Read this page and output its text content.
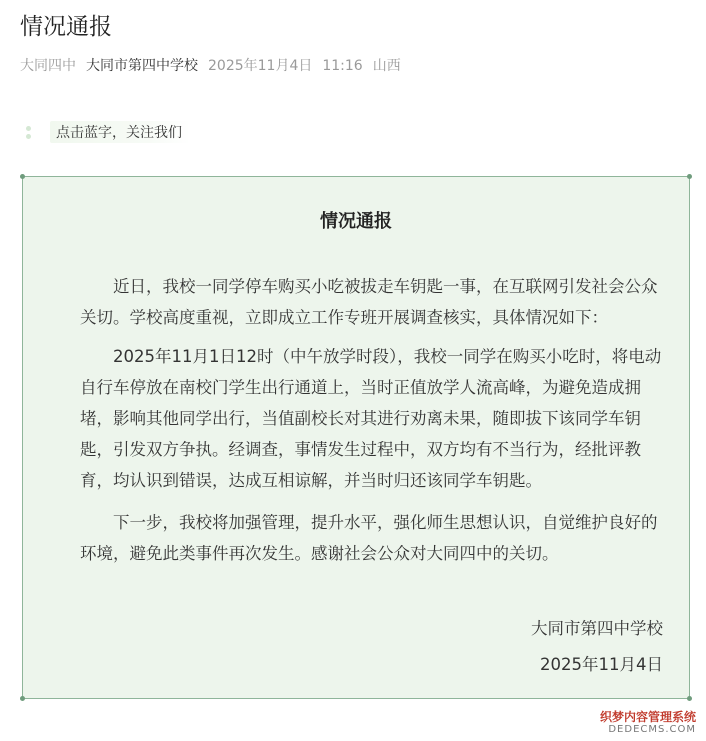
情况通报
大同四中 大同市第四中学校 2025年11月4日 11:16 山西
点击蓝字，关注我们
情况通报

近日，我校一同学停车购买小吃被拔走车钥匙一事，在互联网引发社会公众
关切。学校高度重视，立即成立工作专班开展调查核实，具体情况如下：

2025年11月1日12时（中午放学时段），我校一同学在购买小吃时，将电动
自行车停放在南校门学生出行通道上，当时正值放学人流高峰，为避免造成拥
堵，影响其他同学出行，当值副校长对其进行劝离未果，随即拔下该同学车钥
匙，引发双方争执。经调查，事情发生过程中，双方均有不当行为，经批评教
育，均认识到错误，达成互相谅解，并当时归还该同学车钥匙。

下一步，我校将加强管理，提升水平，强化师生思想认识，自觉维护良好的
环境，避免此类事件再次发生。感谢社会公众对大同四中的关切。

大同市第四中学校
2025年11月4日
织梦内容管理系统
DEDECMS.COM
